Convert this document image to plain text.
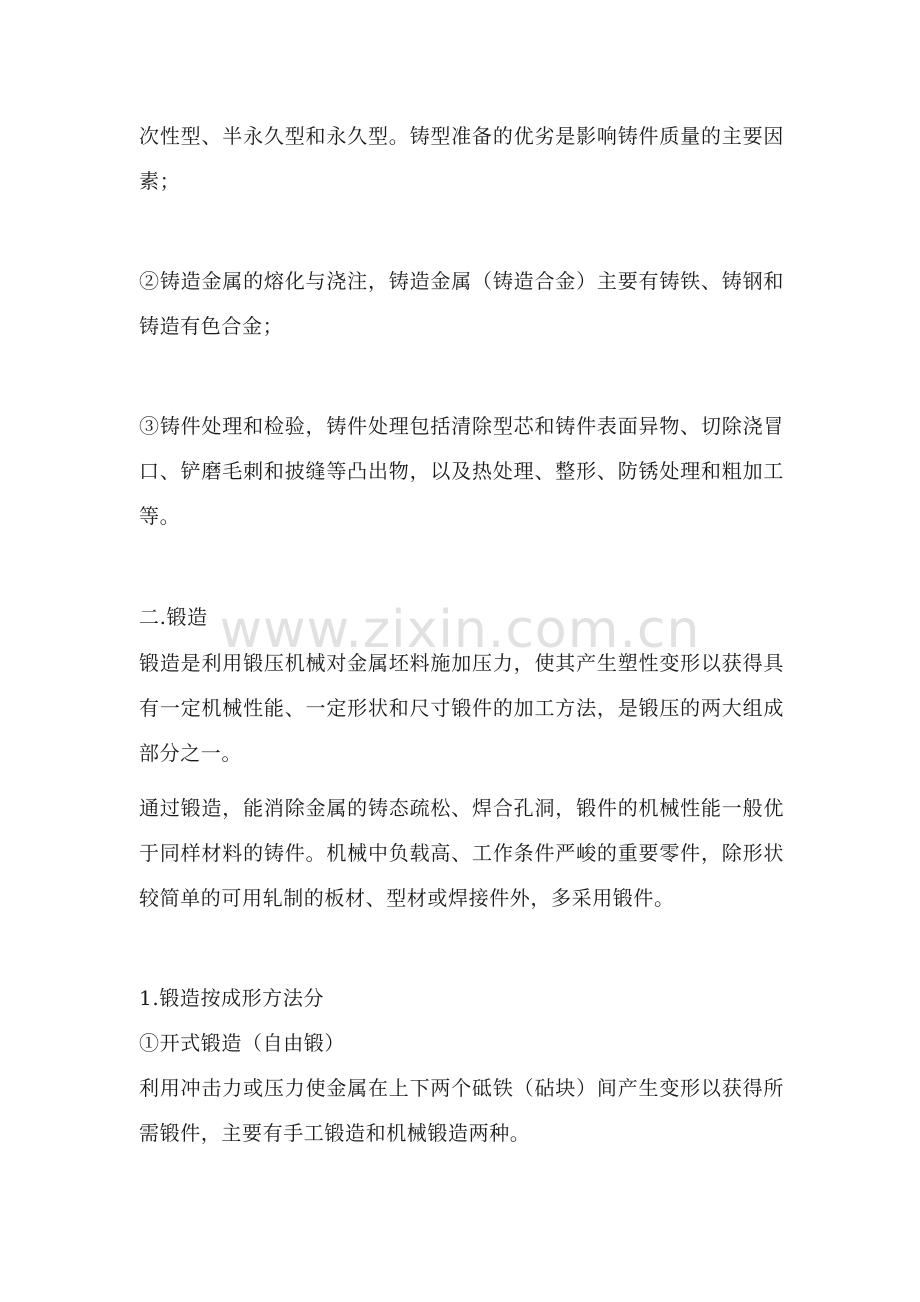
次性型、半永久型和永久型。铸型准备的优劣是影响铸件质量的主要因素；

②铸造金属的熔化与浇注，铸造金属（铸造合金）主要有铸铁、铸钢和铸造有色合金；

③铸件处理和检验，铸件处理包括清除型芯和铸件表面异物、切除浇冒口、铲磨毛刺和披缝等凸出物，以及热处理、整形、防锈处理和粗加工等。

二.锻造

锻造是利用锻压机械对金属坯料施加压力，使其产生塑性变形以获得具有一定机械性能、一定形状和尺寸锻件的加工方法，是锻压的两大组成部分之一。

通过锻造，能消除金属的铸态疏松、焊合孔洞，锻件的机械性能一般优于同样材料的铸件。机械中负载高、工作条件严峻的重要零件，除形状较简单的可用轧制的板材、型材或焊接件外，多采用锻件。

1.锻造按成形方法分

①开式锻造（自由锻）

利用冲击力或压力使金属在上下两个砥铁（砧块）间产生变形以获得所需锻件，主要有手工锻造和机械锻造两种。

www.zixin.com.cn
